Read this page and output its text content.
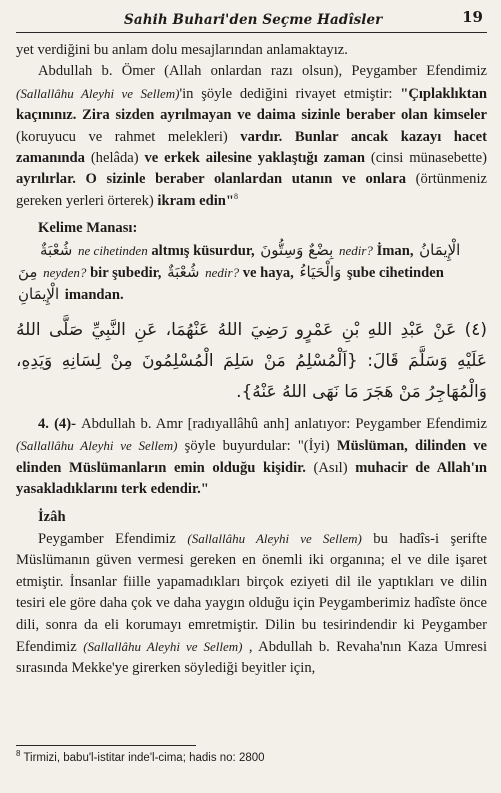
Sahih Buhari'den Seçme Hadîsler	19

yet verdiğini bu anlam dolu mesajlarından anlamaktayız.

Abdullah b. Ömer (Allah onlardan razı olsun), Peygamber Efendimiz (Sallallâhu Aleyhi ve Sellem)'in şöyle dediğini rivayet etmiştir: "Çıplaklıktan kaçınınız. Zira sizden ayrılmayan ve daima sizinle beraber olan kimseler (koruyucu ve rahmet melekleri) vardır. Bunlar ancak kazayı hacet zamanında (helâda) ve erkek ailesine yaklaştığı zaman (cinsi münasebette) ayrılırlar. O sizinle beraber olanlardan utanın ve onlara (örtünmeniz gereken yerleri örterek) ikram edin"$^8$

Kelime Manası:

شُعْبَةٌ ne cihetinden altmış küsurdur, بِضْعٌ وَسِتُّونَ nedir? İman, الْإِيمَانُ

مِنَ neyden? bir şubedir, شُعْبَةٌ nedir? ve haya, وَالْحَيَاءُ şube cihetinden

الْإِيمَانِ imandan.

(٤) عَنْ عَبْدِ اللهِ بْنِ عَمْرٍو رَضِيَ اللهُ عَنْهُمَا، عَنِ النَّبِيِّ صَلَّى اللهُ عَلَيْهِ وَسَلَّمَ قَالَ: {اَلْمُسْلِمُ مَنْ سَلِمَ الْمُسْلِمُونَ مِنْ لِسَانِهِ وَيَدِهِ، وَالْمُهَاجِرُ مَنْ هَجَرَ مَا نَهَى اللهُ عَنْهُ}.

4. (4)- Abdullah b. Amr [radıyallâhû anh] anlatıyor: Peygamber Efendimiz (Sallallâhu Aleyhi ve Sellem) şöyle buyurdular: "(İyi) Müslüman, dilinden ve elinden Müslümanların emin olduğu kişidir. (Asıl) muhacir de Allah'ın yasakladıklarını terk edendir."

İzâh

Peygamber Efendimiz (Sallallâhu Aleyhi ve Sellem) bu hadîs-i şerifte Müslümanın güven vermesi gereken en önemli iki organına; el ve dile işaret etmiştir. İnsanlar fiille yapamadıkları birçok eziyeti dil ile yaptıkları ve dilin tesiri ele göre daha çok ve daha yaygın olduğu için Peygamberimiz hadîste önce dili, sonra da eli korumayı emretmiştir. Dilin bu tesirindendir ki Peygamber Efendimiz (Sallallâhu Aleyhi ve Sellem) , Abdullah b. Revaha'nın Kaza Umresi sırasında Mekke'ye girerken söylediği beyitler için,

$^8$ Tirmizi, babu'l-istitar inde'l-cima; hadis no: 2800
